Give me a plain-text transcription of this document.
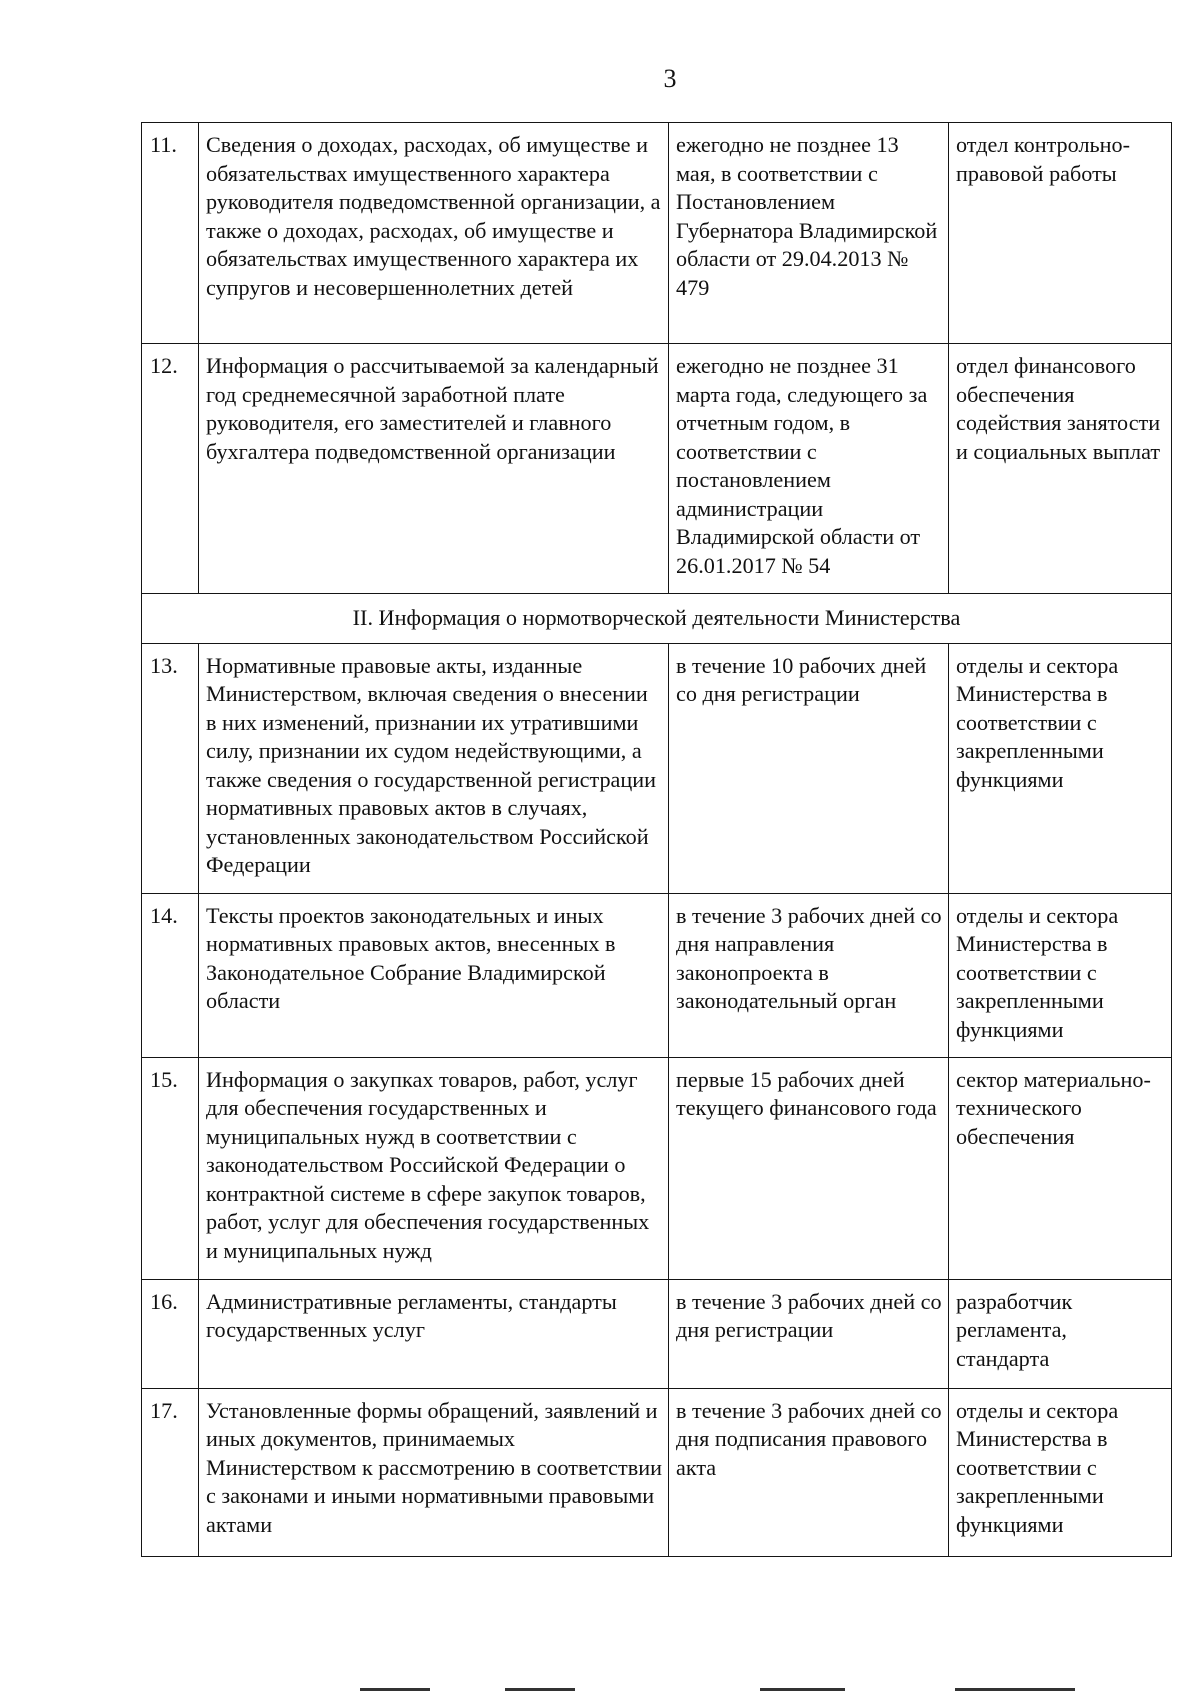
3
11.	Сведения о доходах, расходах, об имуществе и обязательствах имущественного характера руководителя подведомственной организации, а также о доходах, расходах, об имуществе и обязательствах имущественного характера их супругов и несовершеннолетних детей	ежегодно не позднее 13 мая, в соответствии с Постановлением Губернатора Владимирской области от 29.04.2013 № 479	отдел контрольно-правовой работы
12.	Информация о рассчитываемой за календарный год среднемесячной заработной плате руководителя, его заместителей и главного бухгалтера подведомственной организации	ежегодно не позднее 31 марта года, следующего за отчетным годом, в соответствии с постановлением администрации Владимирской области от 26.01.2017 № 54	отдел финансового обеспечения содействия занятости и социальных выплат
II. Информация о нормотворческой деятельности Министерства			
13.	Нормативные правовые акты, изданные Министерством, включая сведения о внесении в них изменений, признании их утратившими силу, признании их судом недействующими, а также сведения о государственной регистрации нормативных правовых актов в случаях, установленных законодательством Российской Федерации	в течение 10 рабочих дней со дня регистрации	отделы и сектора Министерства в соответствии с закрепленными функциями
14.	Тексты проектов законодательных и иных нормативных правовых актов, внесенных в Законодательное Собрание Владимирской области	в течение 3 рабочих дней со дня направления законопроекта в законодательный орган	отделы и сектора Министерства в соответствии с закрепленными функциями
15.	Информация о закупках товаров, работ, услуг для обеспечения государственных и муниципальных нужд в соответствии с законодательством Российской Федерации о контрактной системе в сфере закупок товаров, работ, услуг для обеспечения государственных и муниципальных нужд	первые 15 рабочих дней текущего финансового года	сектор материально-технического обеспечения
16.	Административные регламенты, стандарты государственных услуг	в течение 3 рабочих дней со дня регистрации	разработчик регламента, стандарта
17.	Установленные формы обращений, заявлений и иных документов, принимаемых Министерством к рассмотрению в соответствии с законами и иными нормативными правовыми актами	в течение 3 рабочих дней со дня подписания правового акта	отделы и сектора Министерства в соответствии с закрепленными функциями
